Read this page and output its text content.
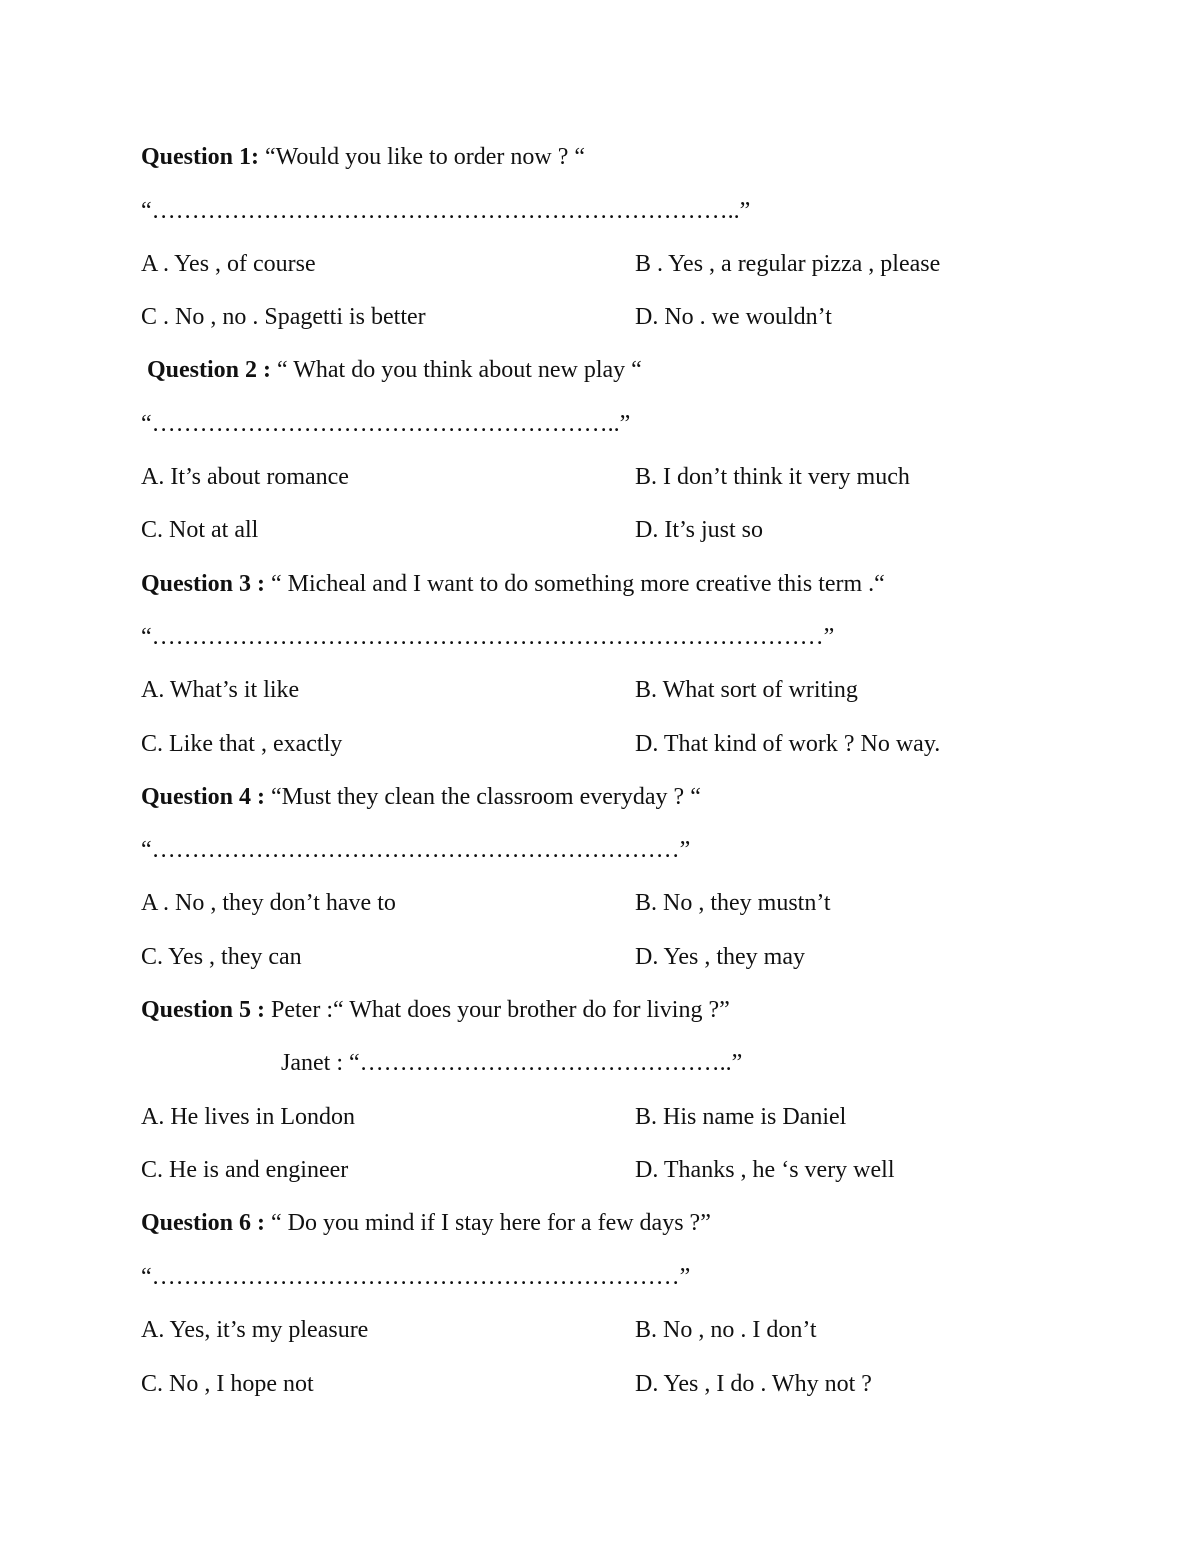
Question 1: “Would you like to order now ? “
“………………………………………………………………..”
A . Yes , of course	B . Yes , a regular pizza , please
C . No , no . Spagetti is better	D. No . we wouldn’t
Question 2 : “ What do you think about new play “
“…………………………………………………..”
A. It’s about romance	B. I don’t think it very much
C. Not at all	D. It’s just so
Question 3 : “ Micheal and I want to do something more creative this term .“
“…………………………………………………………………………”
A. What’s it like	B. What sort of writing
C. Like that , exactly	D. That kind of work ? No way.
Question 4 : “Must they clean the classroom everyday ? “
“…………………………………………………………”
A . No , they don’t have to	B. No , they mustn’t
C. Yes , they can	D. Yes , they may
Question 5 : Peter :“ What does your brother do for living ?”
Janet : “………………………………………..”
A. He lives in London	B. His name is Daniel
C. He is and engineer	D. Thanks , he ‘s very well
Question 6 : “ Do you mind if I stay here for a few days ?”
“…………………………………………………………”
A. Yes, it’s my pleasure	B. No , no . I don’t
C. No , I hope not	D. Yes , I do . Why not ?
